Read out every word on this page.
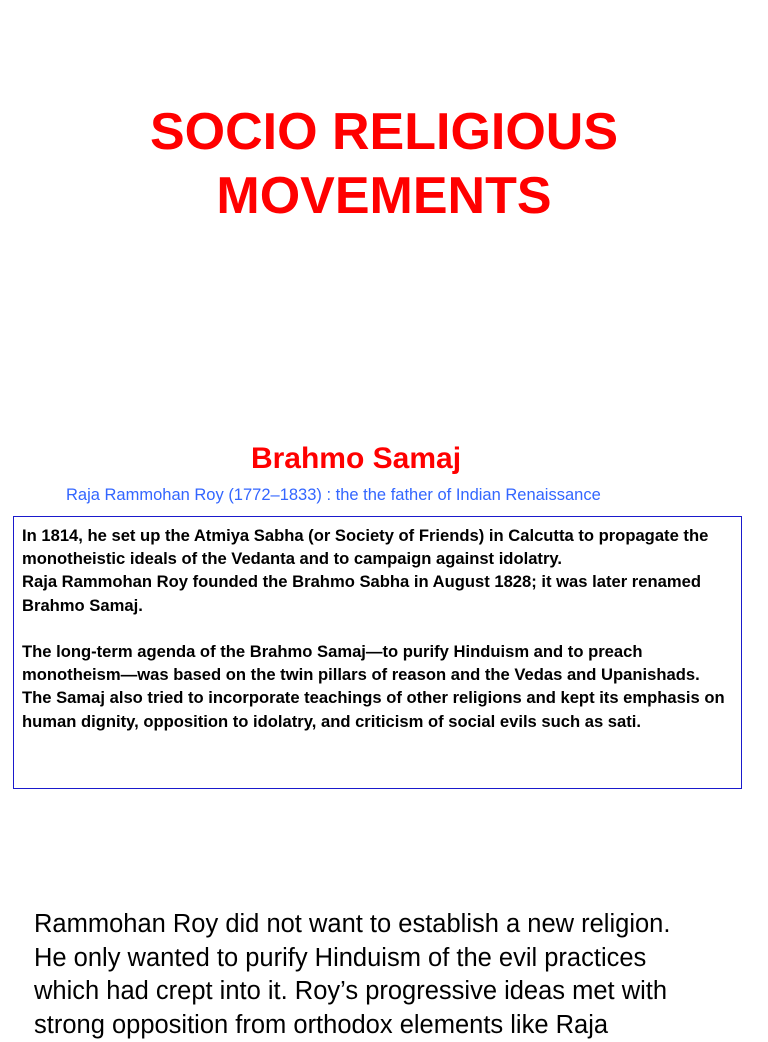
SOCIO RELIGIOUS
MOVEMENTS
Brahmo Samaj

Raja Rammohan Roy (1772–1833) : the the father of Indian Renaissance

In 1814, he set up the Atmiya Sabha (or Society of Friends) in Calcutta to propagate the monotheistic ideals of the Vedanta and to campaign against idolatry.

Raja Rammohan Roy founded the Brahmo Sabha in August 1828; it was later renamed Brahmo Samaj.

The long-term agenda of the Brahmo Samaj—to purify Hinduism and to preach monotheism—was based on the twin pillars of reason and the Vedas and Upanishads. The Samaj also tried to incorporate teachings of other religions and kept its emphasis on human dignity, opposition to idolatry, and criticism of social evils such as sati.

Rammohan Roy did not want to establish a new religion.
He only wanted to purify Hinduism of the evil practices
which had crept into it. Roy’s progressive ideas met with
strong opposition from orthodox elements like Raja
